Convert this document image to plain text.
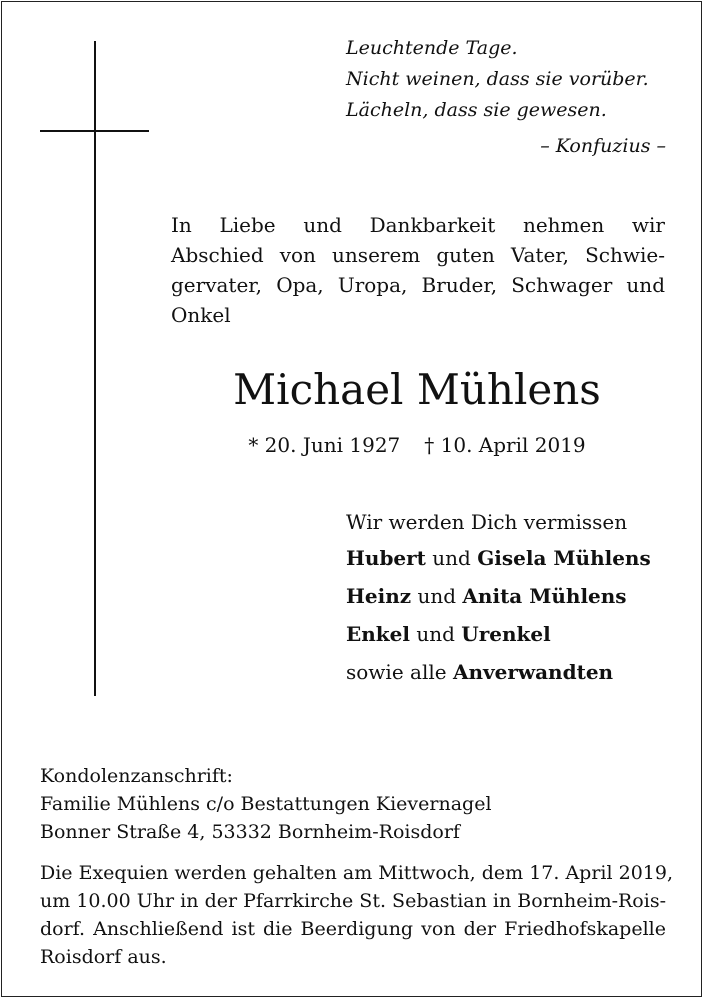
Leuchtende Tage.
Nicht weinen, dass sie vorüber.
Lächeln, dass sie gewesen.
– Konfuzius –
In Liebe und Dankbarkeit nehmen wir
Abschied von unserem guten Vater, Schwie-
gervater, Opa, Uropa, Bruder, Schwager und
Onkel
Michael Mühlens
* 20. Juni 1927 † 10. April 2019
Wir werden Dich vermissen
Hubert und Gisela Mühlens
Heinz und Anita Mühlens
Enkel und Urenkel
sowie alle Anverwandten
Kondolenzanschrift:
Familie Mühlens c/o Bestattungen Kievernagel
Bonner Straße 4, 53332 Bornheim-Roisdorf
Die Exequien werden gehalten am Mittwoch, dem 17. April 2019,
um 10.00 Uhr in der Pfarrkirche St. Sebastian in Bornheim-Rois-
dorf. Anschließend ist die Beerdigung von der Friedhofskapelle
Roisdorf aus.
